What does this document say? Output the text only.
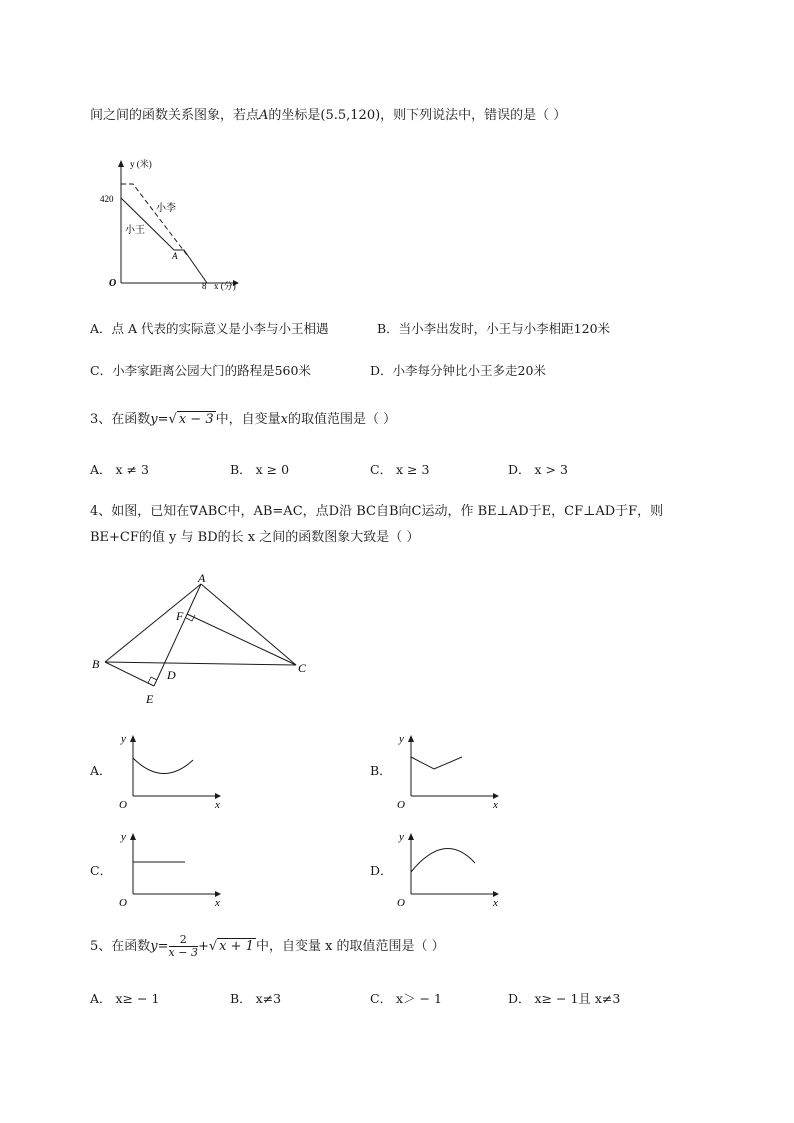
间之间的函数关系图象，若点A的坐标是(5.5,120)，则下列说法中，错误的是（ ）
y (米)
420
O	8 x (分)
小李
小王
A
A．点 A 代表的实际意义是小李与小王相遇	B．当小李出发时，小王与小李相距120米
C．小李家距离公园大门的路程是560米	D．小李每分钟比小王多走20米
3、在函数y=√ x − 3 中，自变量x的取值范围是（ ）
A． x ≠ 3	B． x ≥ 0	C． x ≥ 3	D． x > 3
4、如图，已知在∇ABC中，AB=AC，点D沿 BC自B向C运动，作 BE⊥AD于E，CF⊥AD于F，则
BE+CF的值 y 与 BD的长 x 之间的函数图象大致是（ ）
A
B	C
D
E
F
A．
y
O	x
B．
y
O	x
C．
y
O	x
D．
y
O	x
5、在函数$y= \frac{2}{x - 3}$ +√ x + 1 中，自变量 x 的取值范围是（ ）
A． x≥ − 1	B． x≠3	C． x＞ − 1	D． x≥ − 1且 x≠3
